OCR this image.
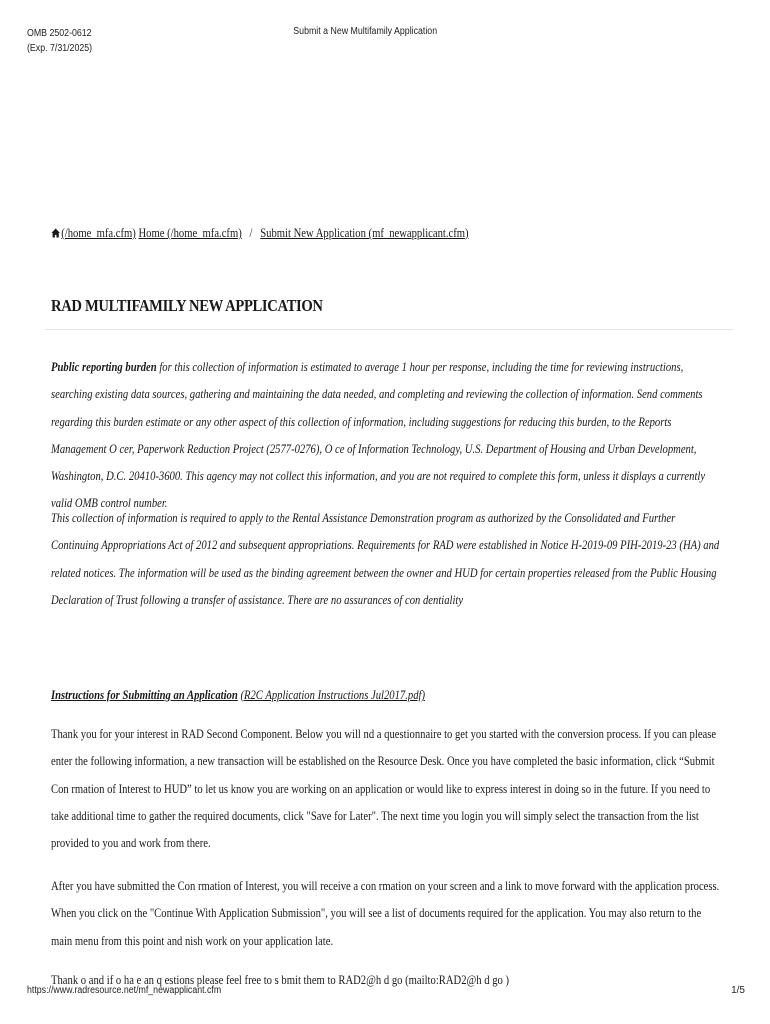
OMB 2502-0612
(Exp. 7/31/2025)
Submit a New Multifamily Application
(/home_mfa.cfm) Home (/home_mfa.cfm) / Submit New Application (mf_newapplicant.cfm)
RAD MULTIFAMILY NEW APPLICATION

Public reporting burden for this collection of information is estimated to average 1 hour per response, including the time for reviewing instructions, searching existing data sources, gathering and maintaining the data needed, and completing and reviewing the collection of information. Send comments regarding this burden estimate or any other aspect of this collection of information, including suggestions for reducing this burden, to the Reports Management O cer, Paperwork Reduction Project (2577-0276), O ce of Information Technology, U.S. Department of Housing and Urban Development, Washington, D.C. 20410-3600. This agency may not collect this information, and you are not required to complete this form, unless it displays a currently valid OMB control number.

This collection of information is required to apply to the Rental Assistance Demonstration program as authorized by the Consolidated and Further Continuing Appropriations Act of 2012 and subsequent appropriations. Requirements for RAD were established in Notice H-2019-09 PIH-2019-23 (HA) and related notices. The information will be used as the binding agreement between the owner and HUD for certain properties released from the Public Housing Declaration of Trust following a transfer of assistance. There are no assurances of con dentiality

Instructions for Submitting an Application (R2C Application Instructions Jul2017.pdf)

Thank you for your interest in RAD Second Component. Below you will nd a questionnaire to get you started with the conversion process. If you can please enter the following information, a new transaction will be established on the Resource Desk. Once you have completed the basic information, click “Submit Con rmation of Interest to HUD” to let us know you are working on an application or would like to express interest in doing so in the future. If you need to take additional time to gather the required documents, click "Save for Later". The next time you login you will simply select the transaction from the list provided to you and work from there.

After you have submitted the Con rmation of Interest, you will receive a con rmation on your screen and a link to move forward with the application process. When you click on the "Continue With Application Submission", you will see a list of documents required for the application. You may also return to the main menu from this point and nish work on your application late.

Thank o and if o ha e an q estions please feel free to s bmit them to RAD2@h d go (mailto:RAD2@h d go )

https://www.radresource.net/mf_newapplicant.cfm	1/5
